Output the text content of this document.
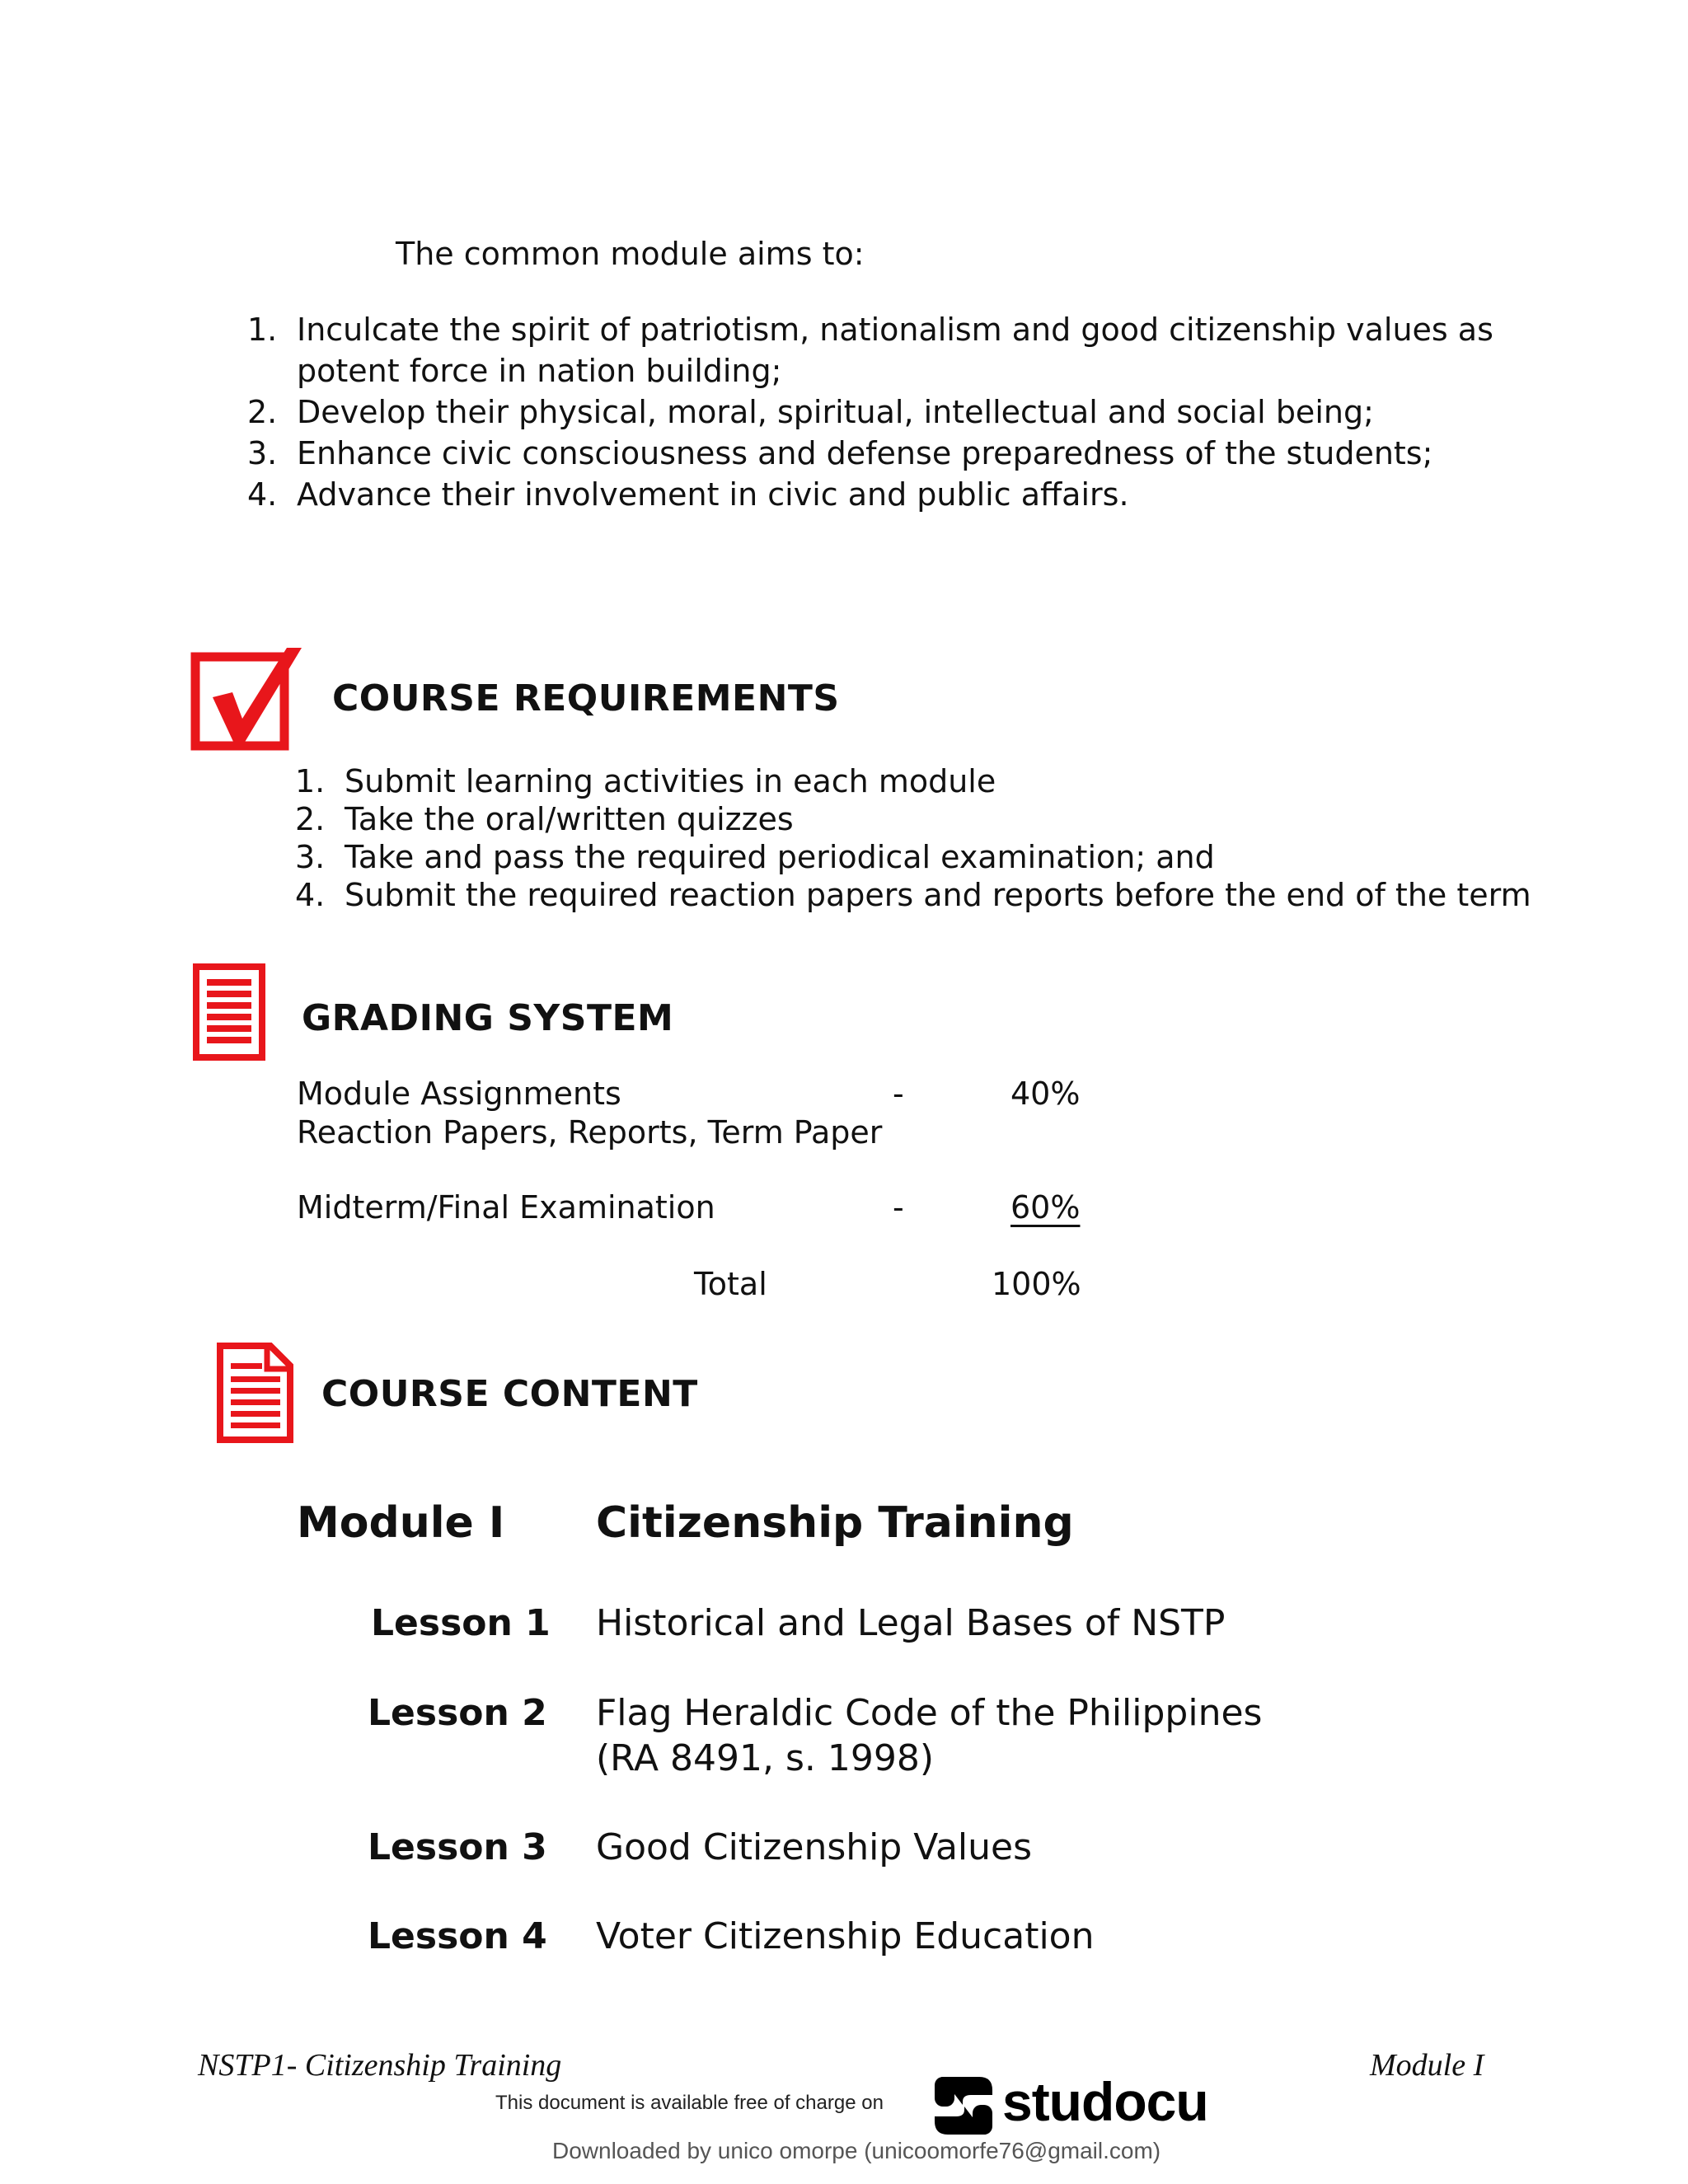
The common module aims to:
1. Inculcate the spirit of patriotism, nationalism and good citizenship values as
potent force in nation building;
2. Develop their physical, moral, spiritual, intellectual and social being;
3. Enhance civic consciousness and defense preparedness of the students;
4. Advance their involvement in civic and public affairs.
COURSE REQUIREMENTS
1. Submit learning activities in each module
2. Take the oral/written quizzes
3. Take and pass the required periodical examination; and
4. Submit the required reaction papers and reports before the end of the term
GRADING SYSTEM
Module Assignments	-	40%
Reaction Papers, Reports, Term Paper
Midterm/Final Examination	-	60%
Total	100%
COURSE CONTENT
Module I Citizenship Training
Lesson 1 Historical and Legal Bases of NSTP
Lesson 2 Flag Heraldic Code of the Philippines
(RA 8491, s. 1998)
Lesson 3 Good Citizenship Values
Lesson 4 Voter Citizenship Education
NSTP1- Citizenship Training	Module I
This document is available free of charge on studocu
Downloaded by unico omorpe (unicoomorfe76@gmail.com)
